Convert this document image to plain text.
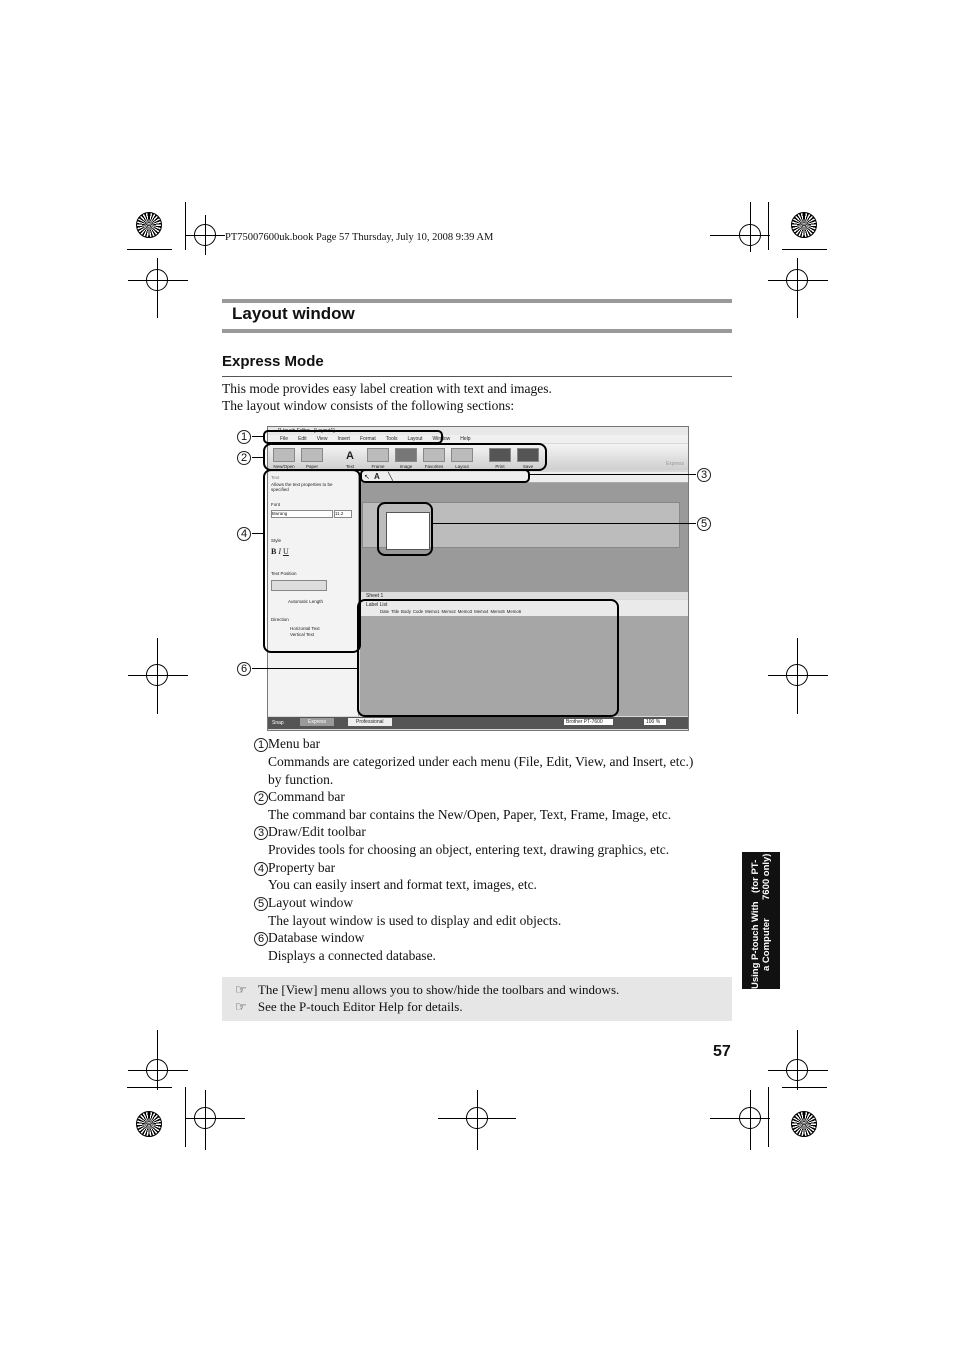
PT75007600uk.book Page 57 Thursday, July 10, 2008 9:39 AM
Layout window
Express Mode
This mode provides easy label creation with text and images.
The layout window consists of the following sections:
P-touch Editor - [Layout1]
File Edit View Insert Format Tools Layout Window Help
New/Open	Paper
A
Text	Frame	Image	Favorites	Layout	Print	Save	Express
↖ A ╲
Text
Allows the text properties to be specified
Font
Bwrang	11.2
Style
B I U
Text Position
Automatic Length
Direction
Horizontal Text
Vertical Text
Sheet 1
Label List
Date Title Body Code Memo1 Memo2 Memo3 Memo4 Memo5 Memo6
Snap	Express	Professional	Brother PT-7600	100 %
1
2
3
4
5
6
1 Menu bar
Commands are categorized under each menu (File, Edit, View, and Insert, etc.)
by function.
2 Command bar
The command bar contains the New/Open, Paper, Text, Frame, Image, etc.
3 Draw/Edit toolbar
Provides tools for choosing an object, entering text, drawing graphics, etc.
4 Property bar
You can easily insert and format text, images, etc.
5 Layout window
The layout window is used to display and edit objects.
6 Database window
Displays a connected database.
☞ The [View] menu allows you to show/hide the toolbars and windows.
☞ See the P-touch Editor Help for details.
Using P-touch With a Computer
(for PT-7600 only)
57
